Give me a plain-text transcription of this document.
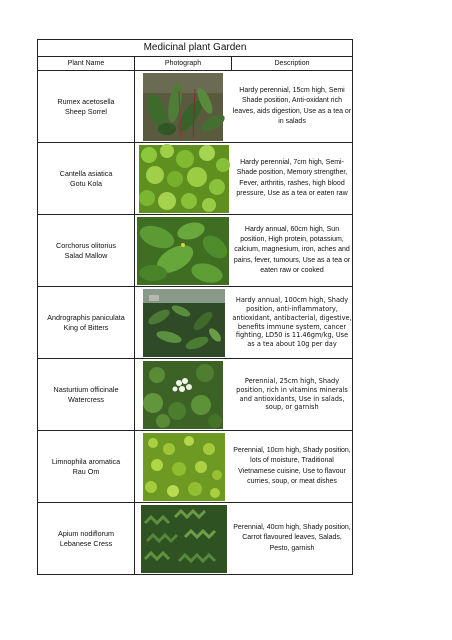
Medicinal plant Garden		
Plant Name	Photograph	Description

Rumex acetosella
Sheep Sorrel		Hardy perennial, 15cm high, Semi Shade position, Anti-oxidant rich leaves, aids digestion, Use as a tea or in salads

Cantella asiatica
Gotu Kola		Hardy perennial, 7cm high, Semi-Shade position, Memory strengther, Fever, arthritis, rashes, high blood pressure, Use as a tea or eaten raw

Corchorus olitorius
Salad Mallow		Hardy annual, 60cm high, Sun position, High protein, potassium, calcium, magnesium, iron, aches and pains, fever, tumours, Use as a tea or eaten raw or cooked

Andrographis paniculata
King of Bitters		Hardy annual, 100cm high, Shady position, anti-inflammatory, antioxidant, antibacterial, digestive, benefits immune system, cancer fighting, LD50 is 11.46gm/kg, Use as a tea about 10g per day

Nasturtium officinale
Watercress		Perennial, 25cm high, Shady position, rich in vitamins minerals and antioxidants, Use in salads, soup, or garnish

Limnophila aromatica
Rau Om		Perennial, 10cm high, Shady position, lots of moisture, Traditional Vietnamese cuisine, Use to flavour curries, soup, or meat dishes

Apium nodiflorum
Lebanese Cress		Perennial, 40cm high, Shady position, Carrot flavoured leaves, Salads, Pesto, garnish
